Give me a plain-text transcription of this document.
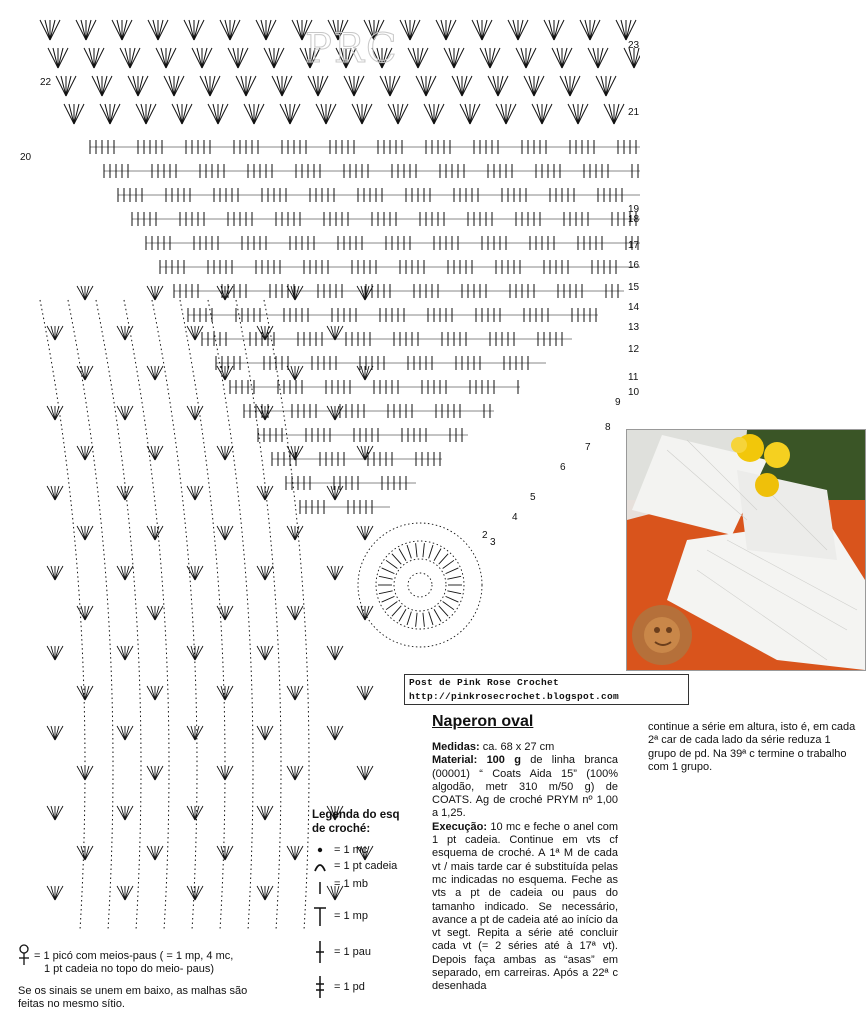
2
3
4
5
6
7
8
9
10
11
12
13
14
15
16
17
18
19
20
21
22
23
PRC
Post de Pink Rose Crochet
http://pinkrosecrochet.blogspot.com
Naperon oval
Medidas: ca. 68 x 27 cm
Material: 100 g de linha branca (00001) “ Coats Aida 15” (100% algodão, metr 310 m/50 g) de COATS. Ag de croché PRYM nº 1,00 a 1,25.
Execução: 10 mc e feche o anel com 1 pt cadeia. Continue em vts cf esquema de croché. A 1ª M de cada vt / mais tarde car é substituída pelas mc indicadas no esquema. Feche as vts a pt de cadeia ou paus do tamanho indicado. Se necessário, avance a pt de cadeia até ao início da vt segt. Repita a série até concluir cada vt (= 2 séries até à 17ª vt). Depois faça ambas as “asas” em separado, em carreiras. Após a 22ª c desenhada
continue a série em altura, isto é, em cada 2ª car de cada lado da série reduza 1 grupo de pd. Na 39ª c termine o trabalho com 1 grupo.
Legenda do esq de croché:
= 1 mc
= 1 pt cadeia
= 1 mb
= 1 mp
= 1 pau
= 1 pd
= 1 picó com meios-paus ( = 1 mp, 4 mc,
1 pt cadeia no topo do meio- paus)
Se os sinais se unem em baixo, as malhas são feitas no mesmo sítio.
